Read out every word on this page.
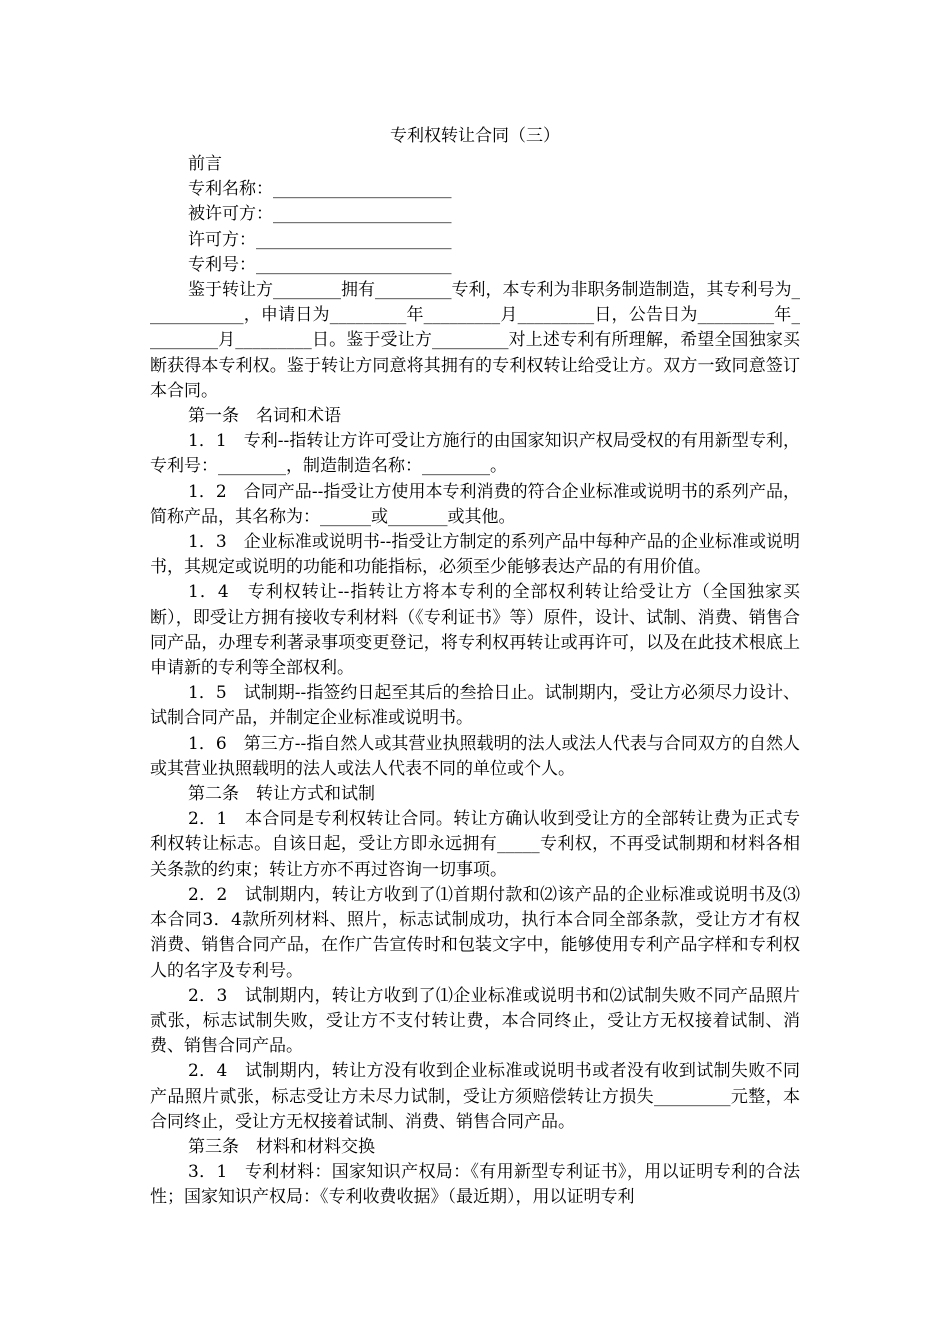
专利权转让合同（三）
前言
专利名称：_____________________
被许可方：_____________________
许可方：_______________________
专利号：_______________________

鉴于转让方________拥有_________专利，本专利为非职务制造制造，其专利号为____________，申请日为_________年_________月_________日，公告日为_________年_________月_________日。鉴于受让方_________对上述专利有所理解，希望全国独家买断获得本专利权。鉴于转让方同意将其拥有的专利权转让给受让方。双方一致同意签订本合同。

第一条　名词和术语

1．1　专利--指转让方许可受让方施行的由国家知识产权局受权的有用新型专利，专利号：________，制造制造名称：________。

1．2　合同产品--指受让方使用本专利消费的符合企业标准或说明书的系列产品，简称产品，其名称为：______或_______或其他。

1．3　企业标准或说明书--指受让方制定的系列产品中每种产品的企业标准或说明书，其规定或说明的功能和功能指标，必须至少能够表达产品的有用价值。

1．4　专利权转让--指转让方将本专利的全部权利转让给受让方（全国独家买断），即受让方拥有接收专利材料（《专利证书》等）原件，设计、试制、消费、销售合同产品，办理专利著录事项变更登记，将专利权再转让或再许可，以及在此技术根底上申请新的专利等全部权利。

1．5　试制期--指签约日起至其后的叁拾日止。试制期内，受让方必须尽力设计、试制合同产品，并制定企业标准或说明书。

1．6　第三方--指自然人或其营业执照载明的法人或法人代表与合同双方的自然人或其营业执照载明的法人或法人代表不同的单位或个人。

第二条　转让方式和试制

2．1　本合同是专利权转让合同。转让方确认收到受让方的全部转让费为正式专利权转让标志。自该日起，受让方即永远拥有_____专利权，不再受试制期和材料各相关条款的约束；转让方亦不再过咨询一切事项。

2．2　试制期内，转让方收到了⑴首期付款和⑵该产品的企业标准或说明书及⑶本合同3．4款所列材料、照片，标志试制成功，执行本合同全部条款，受让方才有权消费、销售合同产品，在作广告宣传时和包装文字中，能够使用专利产品字样和专利权人的名字及专利号。

2．3　试制期内，转让方收到了⑴企业标准或说明书和⑵试制失败不同产品照片贰张，标志试制失败，受让方不支付转让费，本合同终止，受让方无权接着试制、消费、销售合同产品。

2．4　试制期内，转让方没有收到企业标准或说明书或者没有收到试制失败不同产品照片贰张，标志受让方未尽力试制，受让方须赔偿转让方损失_________元整，本合同终止，受让方无权接着试制、消费、销售合同产品。

第三条　材料和材料交换

3．1　专利材料：国家知识产权局：《有用新型专利证书》，用以证明专利的合法性；国家知识产权局：《专利收费收据》（最近期），用以证明专利
